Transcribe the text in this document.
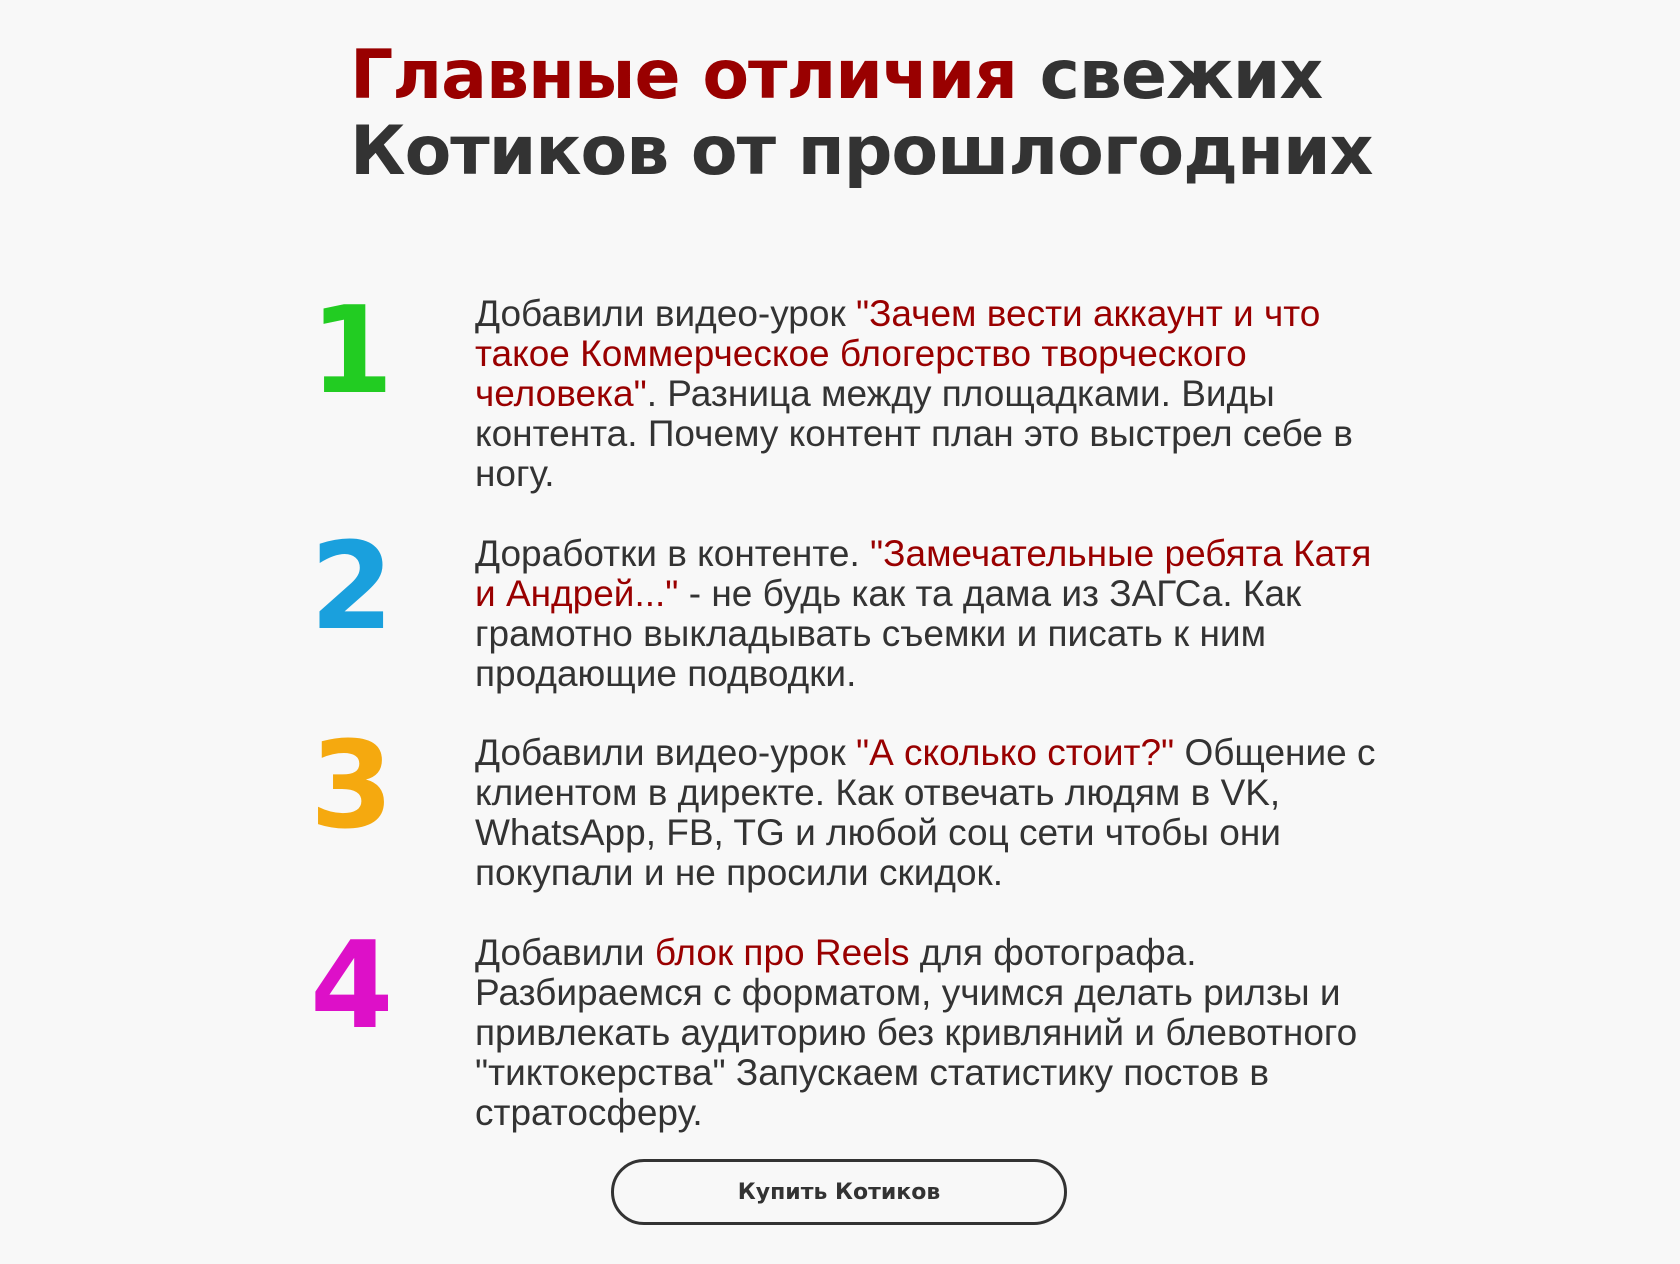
Главные отличия свежих
Котиков от прошлогодних
1 Добавили видео-урок "Зачем вести аккаунт и что такое Коммерческое блогерство творческого человека". Разница между площадками. Виды контента. Почему контент план это выстрел себе в ногу.

2 Доработки в контенте. "Замечательные ребята Катя и Андрей..." - не будь как та дама из ЗАГСа. Как грамотно выкладывать съемки и писать к ним продающие подводки.

3 Добавили видео-урок "А сколько стоит?" Общение с клиентом в директе. Как отвечать людям в VK, WhatsApp, FB, TG и любой соц сети чтобы они покупали и не просили скидок.

4 Добавили блок про Reels для фотографа. Разбираемся с форматом, учимся делать рилзы и привлекать аудиторию без кривляний и блевотного "тиктокерства" Запускаем статистику постов в стратосферу.

Купить Котиков
